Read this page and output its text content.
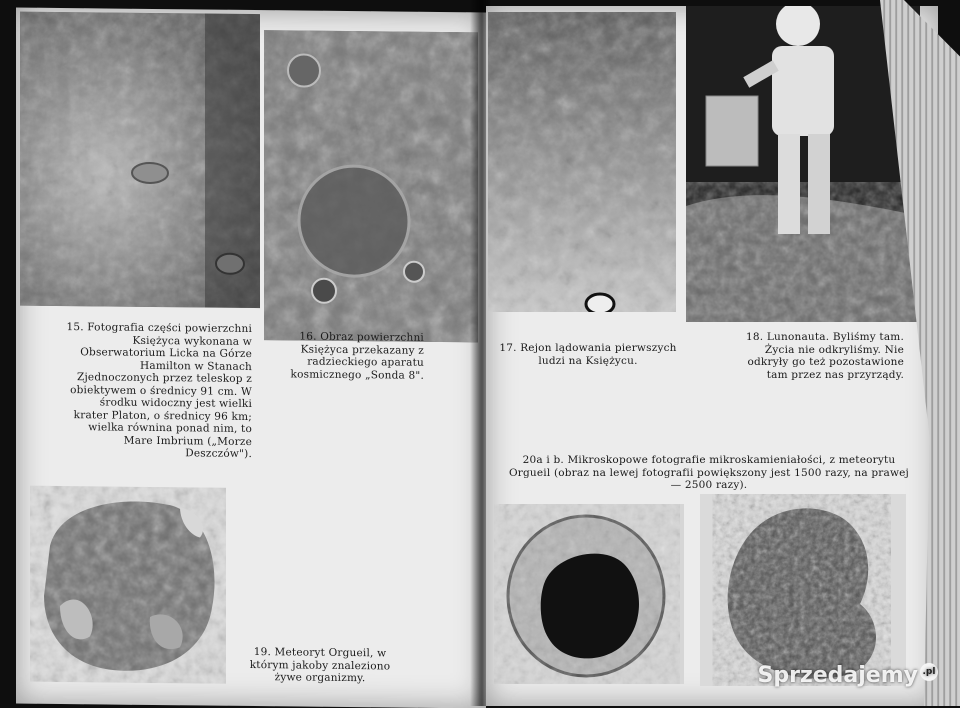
15. Fotografia części powierzchni Księżyca wykonana w Obserwatorium Licka na Górze Hamilton w Stanach Zjednoczonych przez teleskop z obiektywem o średnicy 91 cm. W środku widoczny jest wielki krater Platon, o średnicy 96 km; wielka równina ponad nim, to Mare Imbrium („Morze Deszczów").
16. Obraz powierzchni Księżyca przekazany z radzieckiego aparatu kosmicznego „Sonda 8".
19. Meteoryt Orgueil, w którym jakoby znaleziono żywe organizmy.
17. Rejon lądowania pierwszych ludzi na Księżycu.
18. Lunonauta. Byliśmy tam. Życia nie odkryliśmy. Nie odkryły go też pozostawione tam przez nas przyrządy.
20a i b. Mikroskopowe fotografie mikroskamieniałości, z meteorytu Orgueil (obraz na lewej fotografii powiększony jest 1500 razy, na prawej — 2500 razy).
Sprzedajemy .pl
